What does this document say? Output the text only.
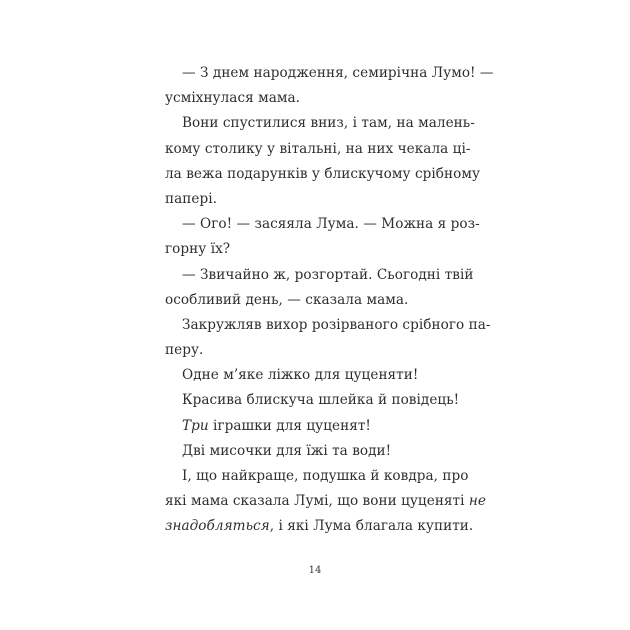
— З днем народження, семирічна Лумо! —
усміхнулася мама.
Вони спустилися вниз, і там, на малень-
кому столику у вітальні, на них чекала ці-
ла вежа подарунків у блискучому срібному
папері.
— Ого! — засяяла Лума. — Можна я роз-
горну їх?
— Звичайно ж, розгортай. Сьогодні твій
особливий день, — сказала мама.
Закружляв вихор розірваного срібного па-
перу.
Одне м’яке ліжко для цуценяти!
Красива блискуча шлейка й повідець!
Три іграшки для цуценят!
Дві мисочки для їжі та води!
І, що найкраще, подушка й ковдра, про
які мама сказала Лумі, що вони цуценяті не
знадобляться, і які Лума благала купити.
14
